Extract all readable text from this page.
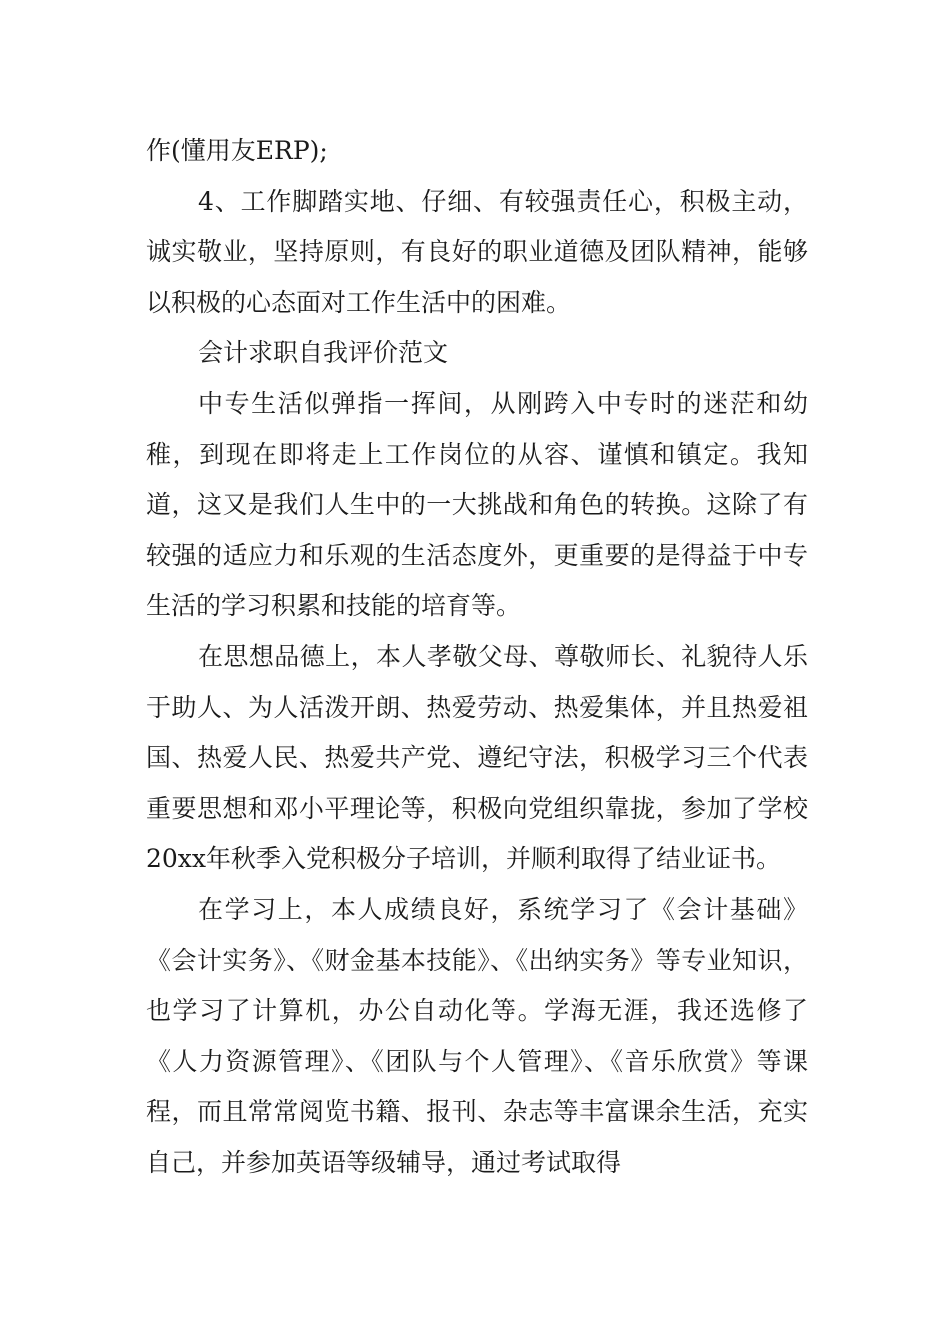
作(懂用友ERP);

4、工作脚踏实地、仔细、有较强责任心，积极主动，诚实敬业，坚持原则，有良好的职业道德及团队精神，能够以积极的心态面对工作生活中的困难。

会计求职自我评价范文

中专生活似弹指一挥间，从刚跨入中专时的迷茫和幼稚，到现在即将走上工作岗位的从容、谨慎和镇定。我知道，这又是我们人生中的一大挑战和角色的转换。这除了有较强的适应力和乐观的生活态度外，更重要的是得益于中专生活的学习积累和技能的培育等。

在思想品德上，本人孝敬父母、尊敬师长、礼貌待人乐于助人、为人活泼开朗、热爱劳动、热爱集体，并且热爱祖国、热爱人民、热爱共产党、遵纪守法，积极学习三个代表重要思想和邓小平理论等，积极向党组织靠拢，参加了学校20xx年秋季入党积极分子培训，并顺利取得了结业证书。

在学习上，本人成绩良好，系统学习了《会计基础》《会计实务》、《财金基本技能》、《出纳实务》等专业知识，也学习了计算机，办公自动化等。学海无涯，我还选修了《人力资源管理》、《团队与个人管理》、《音乐欣赏》等课程，而且常常阅览书籍、报刊、杂志等丰富课余生活，充实自己，并参加英语等级辅导，通过考试取得
